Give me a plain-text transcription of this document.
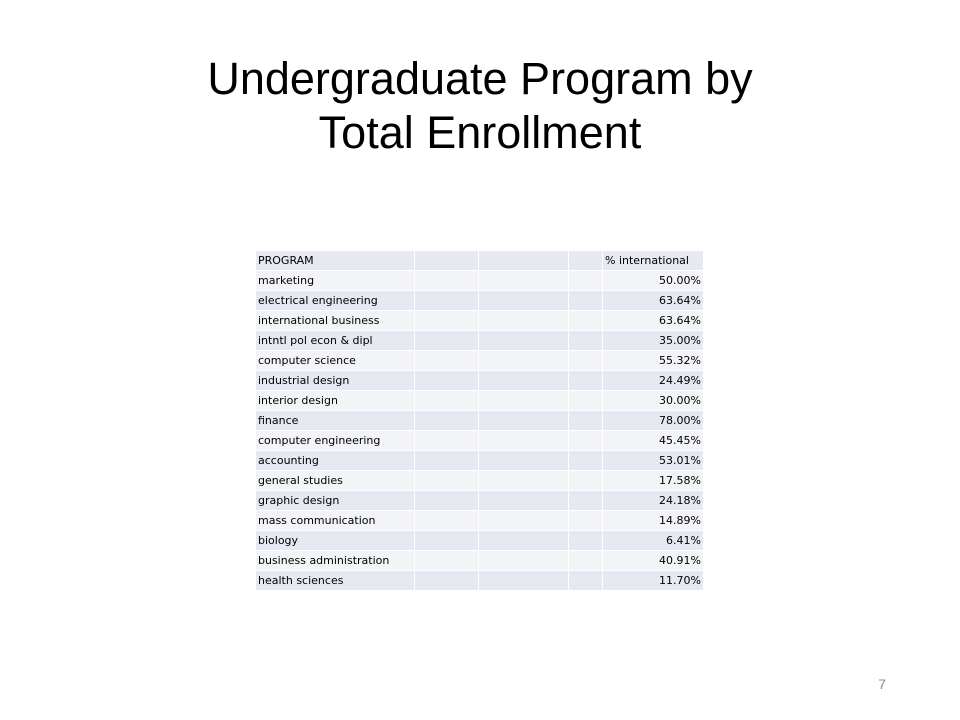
Undergraduate Program by
Total Enrollment
PROGRAM				% international
marketing				50.00%
electrical engineering				63.64%
international business				63.64%
intntl pol econ & dipl				35.00%
computer science				55.32%
industrial design				24.49%
interior design				30.00%
finance				78.00%
computer engineering				45.45%
accounting				53.01%
general studies				17.58%
graphic design				24.18%
mass communication				14.89%
biology				6.41%
business administration				40.91%
health sciences				11.70%
7
